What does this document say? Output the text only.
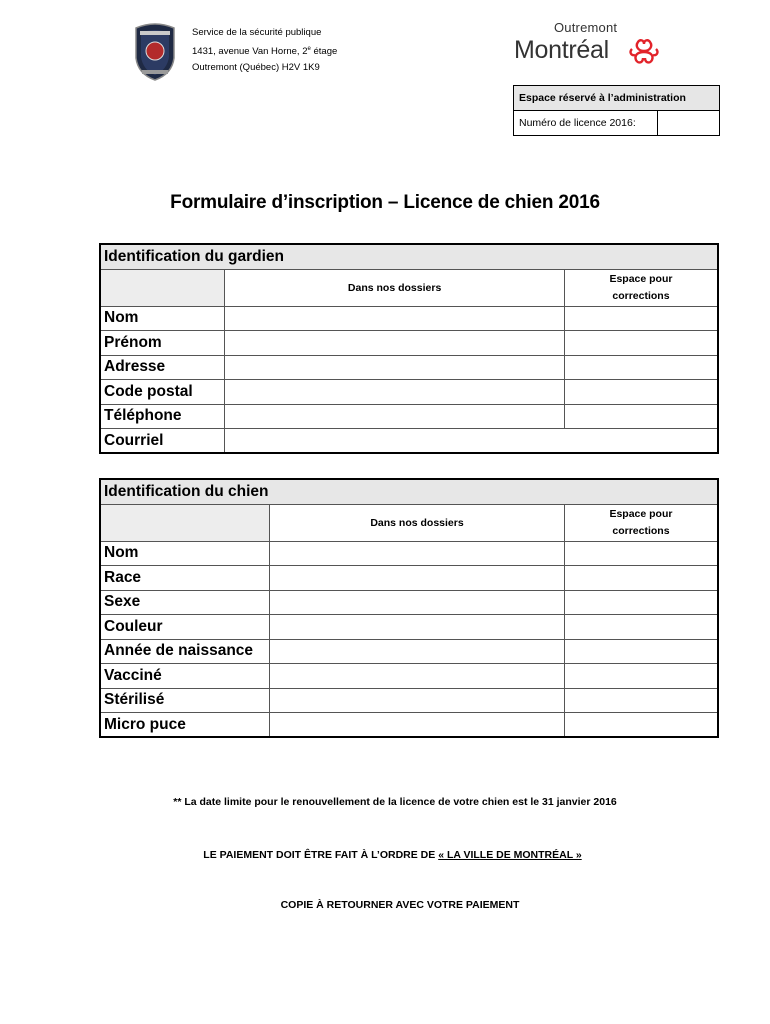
Service de la sécurité publique
1431, avenue Van Horne, 2e étage
Outremont (Québec) H2V 1K9
Outremont
Montréal
Espace réservé à l’administration
Numéro de licence 2016:	
Formulaire d’inscription – Licence de chien 2016
Identification du gardien		
	Dans nos dossiers	Espace pour
corrections

Nom		
Prénom		
Adresse		
Code postal		
Téléphone		
Courriel		
Identification du chien		
	Dans nos dossiers	Espace pour
corrections

Nom		
Race		
Sexe		
Couleur		
Année de naissance		
Vacciné		
Stérilisé		
Micro puce		
** La date limite pour le renouvellement de la licence de votre chien est le 31 janvier 2016
LE PAIEMENT DOIT ÊTRE FAIT À L’ORDRE DE « LA VILLE DE MONTRÉAL »
COPIE À RETOURNER AVEC VOTRE PAIEMENT
